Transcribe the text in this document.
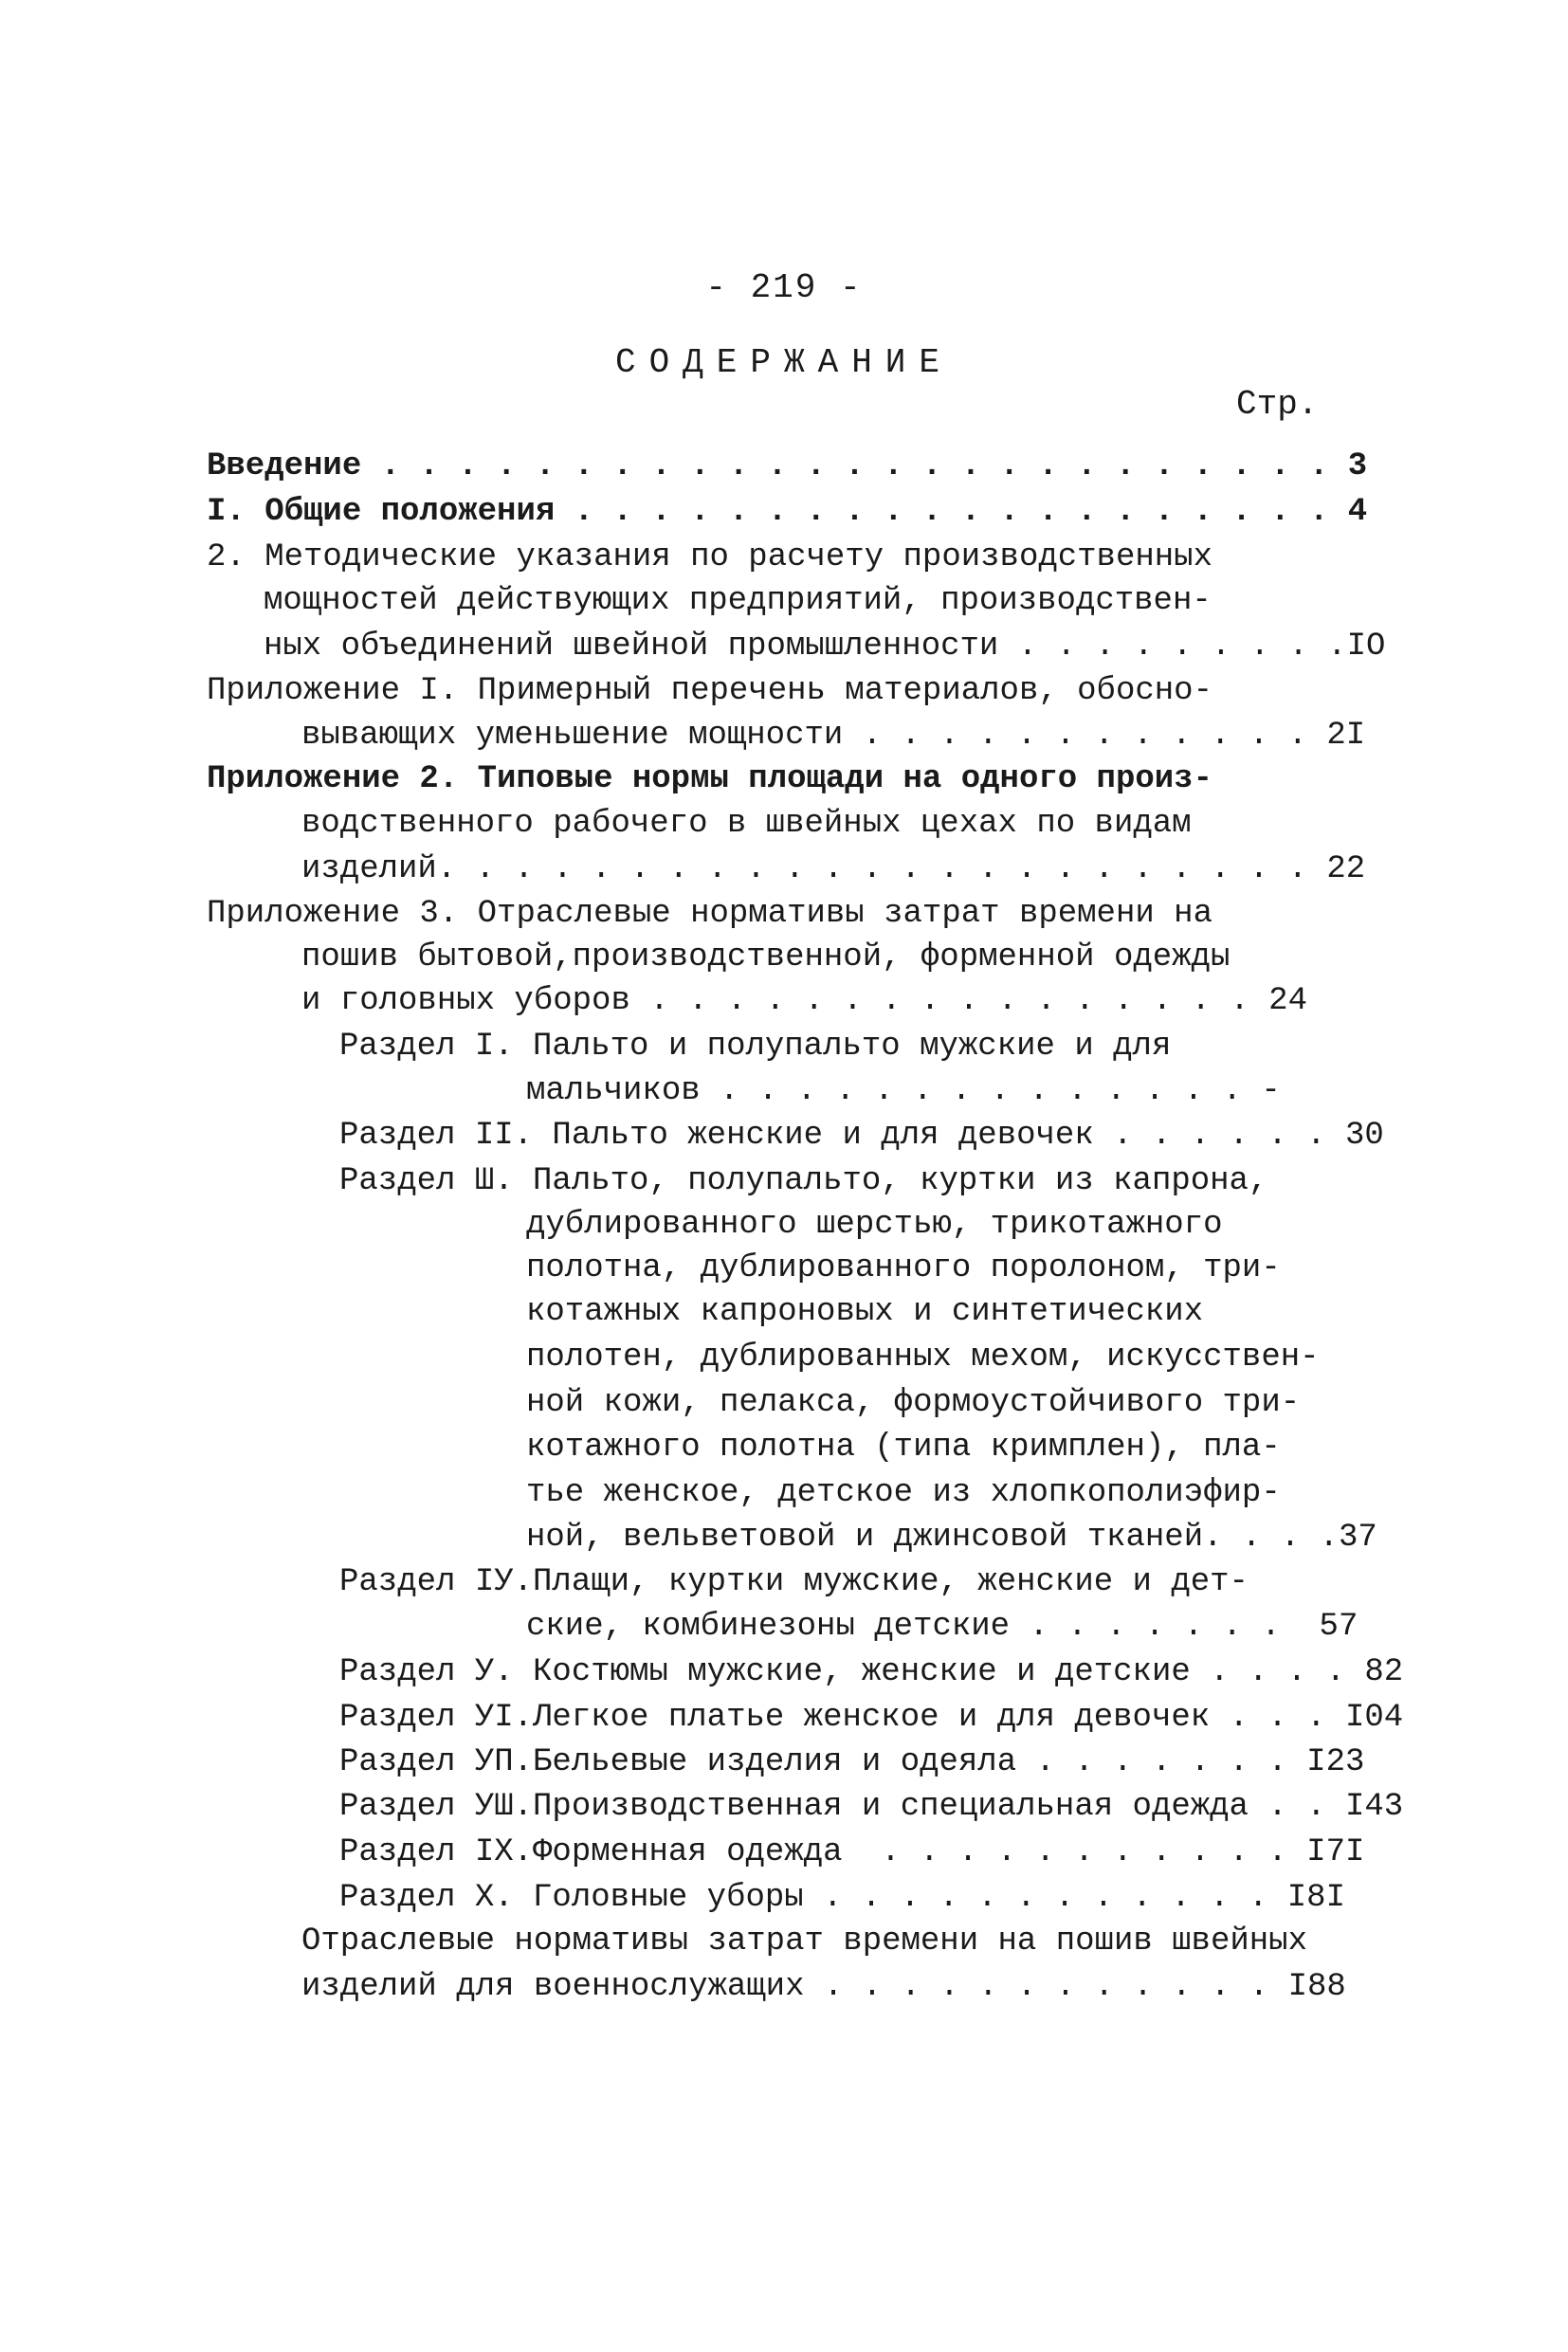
- 219 -
СОДЕРЖАНИЕ
Стр.
Введение . . . . . . . . . . . . . . . . . . . . . . . . . 3
I. Общие положения . . . . . . . . . . . . . . . . . . . . 4
2. Методические указания по расчету производственных
мощностей действующих предприятий, производствен-
ных объединений швейной промышленности . . . . . . . . .IO
Приложение I. Примерный перечень материалов, обосно-
вывающих уменьшение мощности . . . . . . . . . . . . 2I
Приложение 2. Типовые нормы площади на одного произ-
водственного рабочего в швейных цехах по видам
изделий. . . . . . . . . . . . . . . . . . . . . . . 22
Приложение 3. Отраслевые нормативы затрат времени на
пошив бытовой,производственной, форменной одежды
и головных уборов . . . . . . . . . . . . . . . . 24
Раздел I. Пальто и полупальто мужские и для
мальчиков . . . . . . . . . . . . . . -
Раздел II. Пальто женские и для девочек . . . . . . 30
Раздел Ш. Пальто, полупальто, куртки из капрона,
дублированного шерстью, трикотажного
полотна, дублированного поролоном, три-
котажных капроновых и синтетических
полотен, дублированных мехом, искусствен-
ной кожи, пелакса, формоустойчивого три-
котажного полотна (типа кримплен), пла-
тье женское, детское из хлопкополиэфир-
ной, вельветовой и джинсовой тканей. . . .37
Раздел IУ.Плащи, куртки мужские, женские и дет-
ские, комбинезоны детские . . . . . . .  57
Раздел У. Костюмы мужские, женские и детские . . . . 82
Раздел УI.Легкое платье женское и для девочек . . . I04
Раздел УП.Бельевые изделия и одеяла . . . . . . . I23
Раздел УШ.Производственная и специальная одежда . . I43
Раздел IX.Форменная одежда  . . . . . . . . . . . I7I
Раздел X. Головные уборы . . . . . . . . . . . . I8I
Отраслевые нормативы затрат времени на пошив швейных
изделий для военнослужащих . . . . . . . . . . . . I88
